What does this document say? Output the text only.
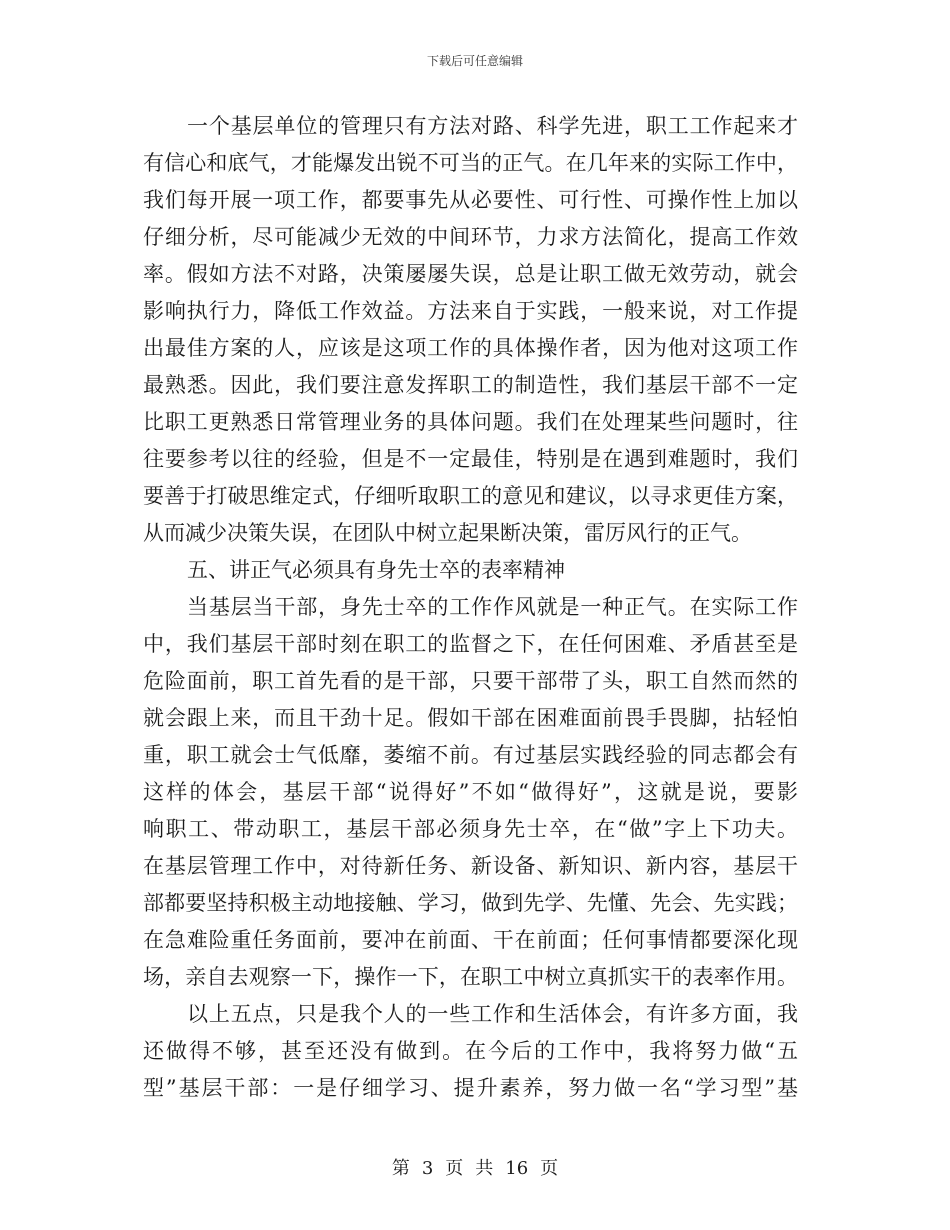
下载后可任意编辑
一个基层单位的管理只有方法对路、科学先进，职工工作起来才
有信心和底气，才能爆发出锐不可当的正气。在几年来的实际工作中，
我们每开展一项工作，都要事先从必要性、可行性、可操作性上加以
仔细分析，尽可能减少无效的中间环节，力求方法简化，提高工作效
率。假如方法不对路，决策屡屡失误，总是让职工做无效劳动，就会
影响执行力，降低工作效益。方法来自于实践，一般来说，对工作提
出最佳方案的人，应该是这项工作的具体操作者，因为他对这项工作
最熟悉。因此，我们要注意发挥职工的制造性，我们基层干部不一定
比职工更熟悉日常管理业务的具体问题。我们在处理某些问题时，往
往要参考以往的经验，但是不一定最佳，特别是在遇到难题时，我们
要善于打破思维定式，仔细听取职工的意见和建议，以寻求更佳方案，
从而减少决策失误，在团队中树立起果断决策，雷厉风行的正气。
五、讲正气必须具有身先士卒的表率精神
当基层当干部，身先士卒的工作作风就是一种正气。在实际工作
中，我们基层干部时刻在职工的监督之下，在任何困难、矛盾甚至是
危险面前，职工首先看的是干部，只要干部带了头，职工自然而然的
就会跟上来，而且干劲十足。假如干部在困难面前畏手畏脚，拈轻怕
重，职工就会士气低靡，萎缩不前。有过基层实践经验的同志都会有
这样的体会，基层干部“说得好”不如“做得好”，这就是说，要影
响职工、带动职工，基层干部必须身先士卒，在“做”字上下功夫。
在基层管理工作中，对待新任务、新设备、新知识、新内容，基层干
部都要坚持积极主动地接触、学习，做到先学、先懂、先会、先实践；
在急难险重任务面前，要冲在前面、干在前面；任何事情都要深化现
场，亲自去观察一下，操作一下，在职工中树立真抓实干的表率作用。
以上五点，只是我个人的一些工作和生活体会，有许多方面，我
还做得不够，甚至还没有做到。在今后的工作中，我将努力做“五
型”基层干部：一是仔细学习、提升素养，努力做一名“学习型”基
第 3 页 共 16 页
